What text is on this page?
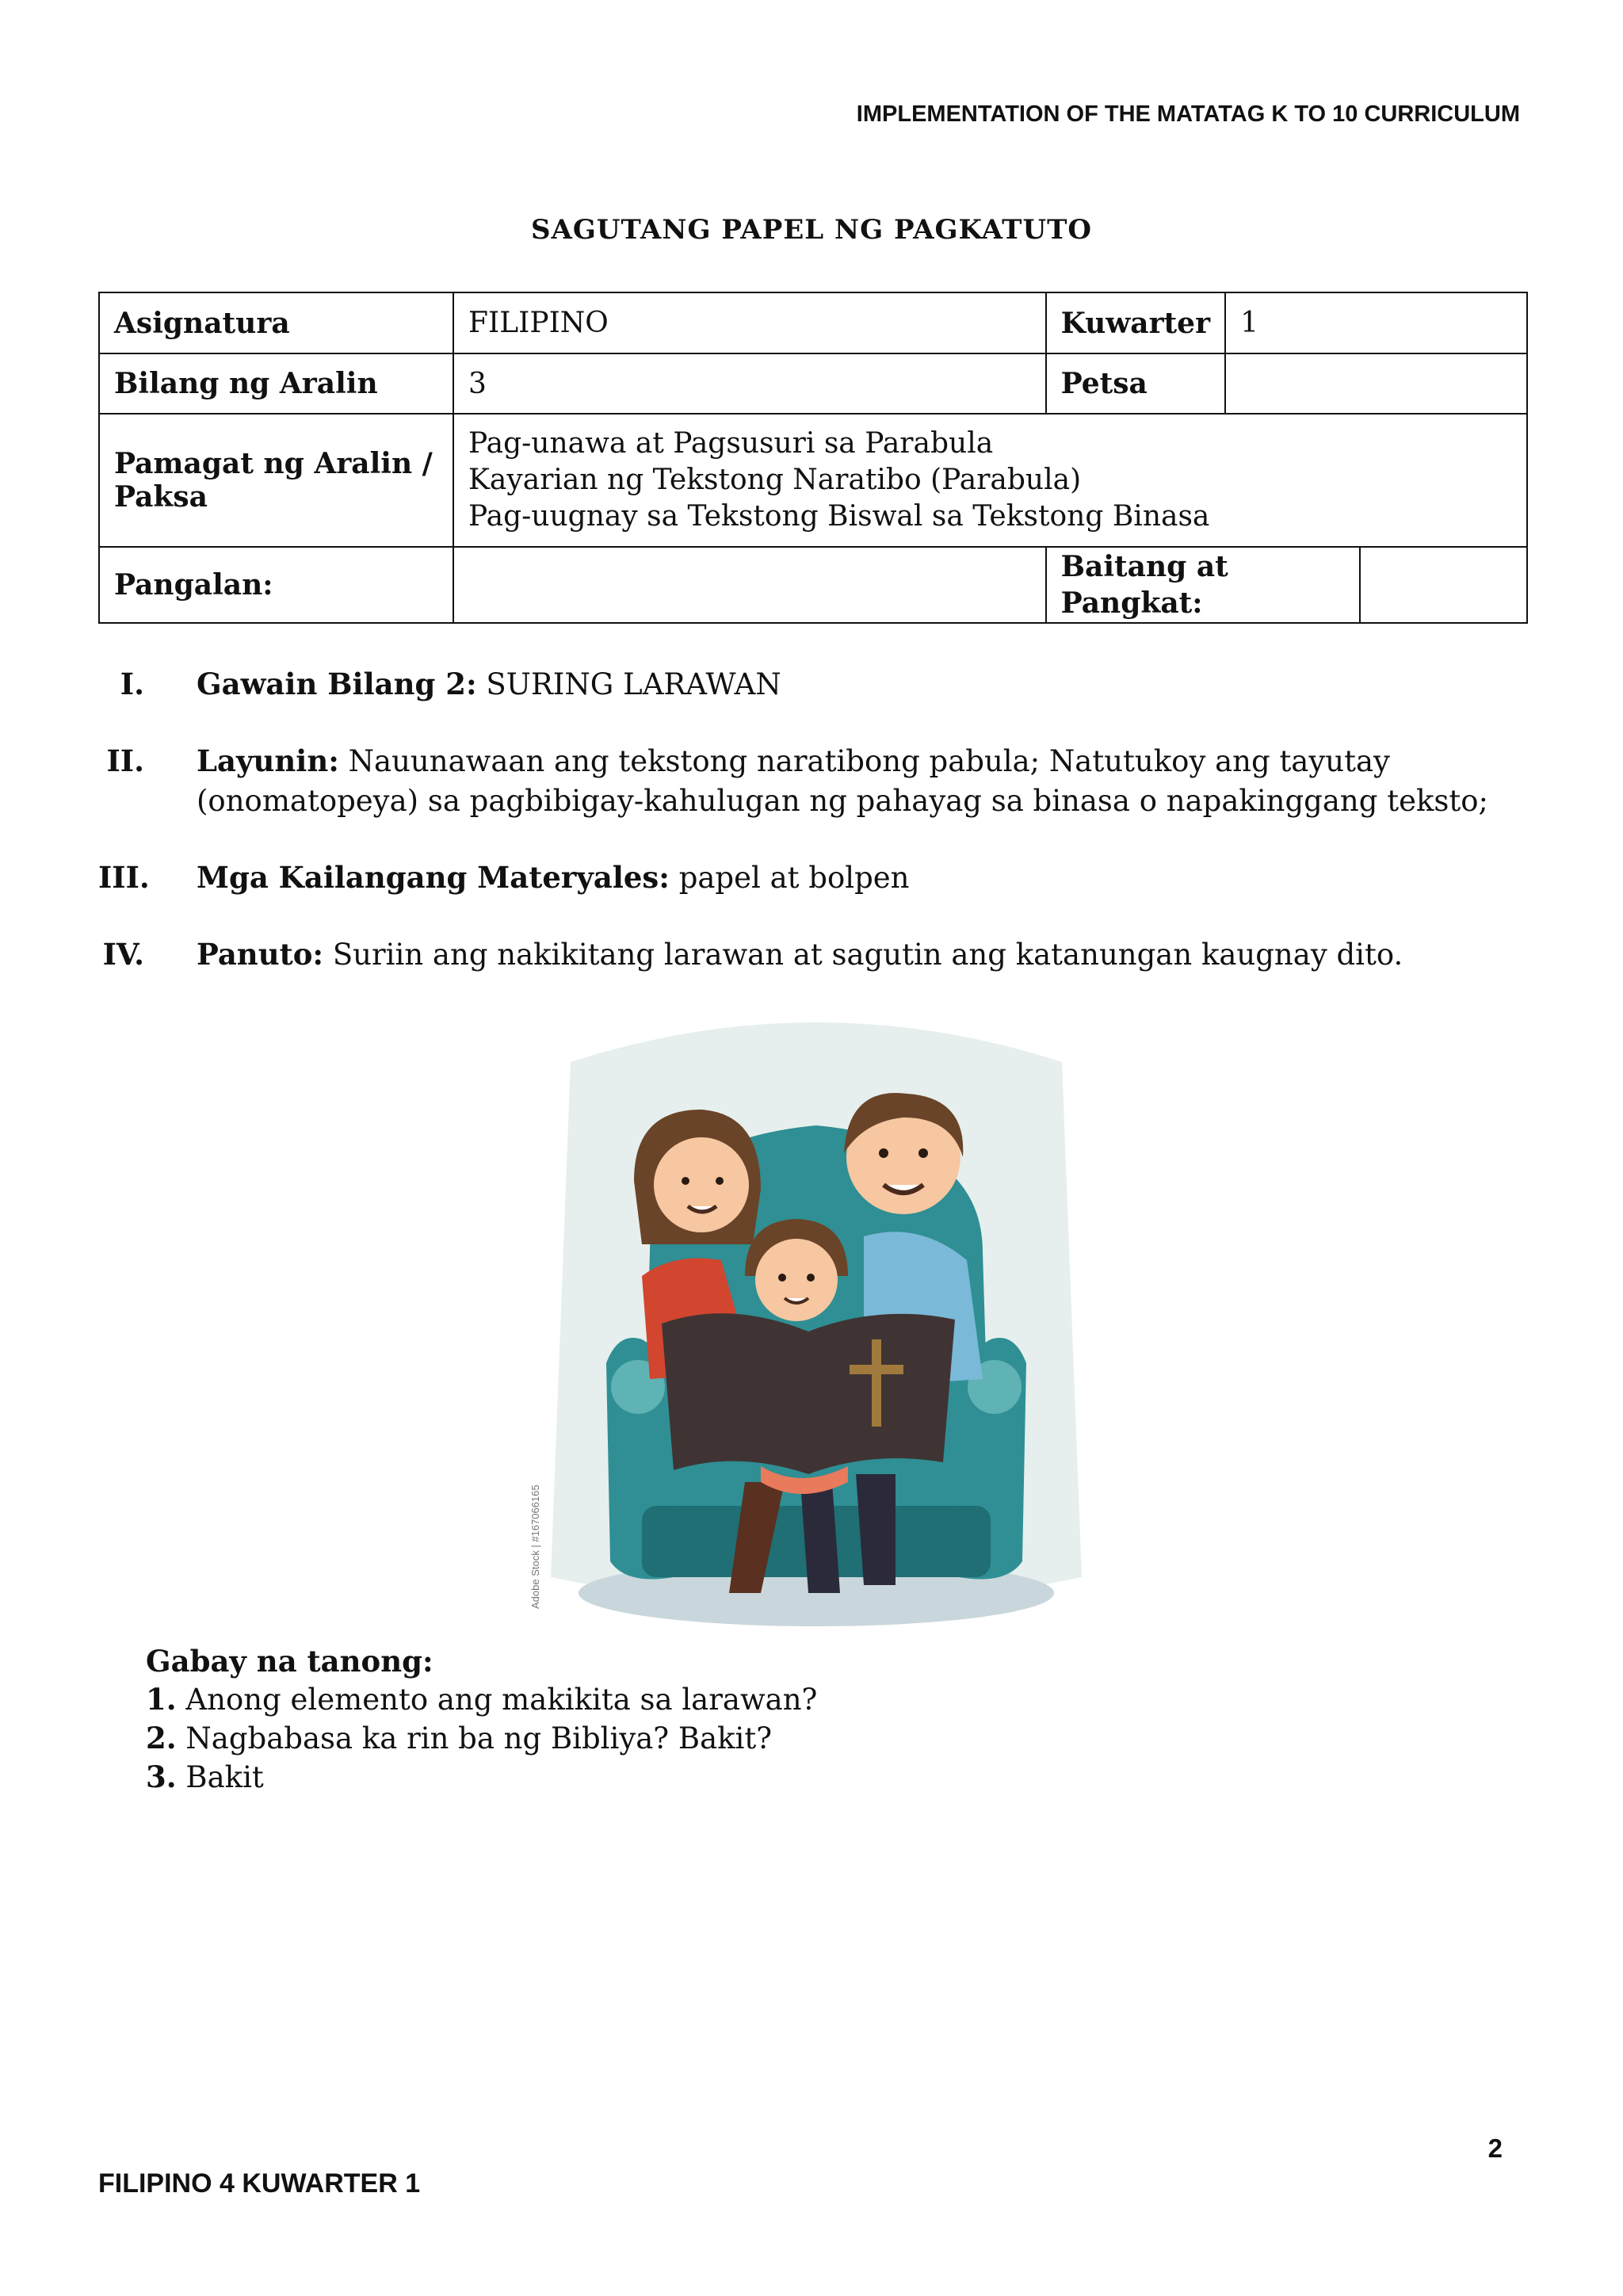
IMPLEMENTATION OF THE MATATAG K TO 10 CURRICULUM
SAGUTANG PAPEL NG PAGKATUTO
Asignatura	FILIPINO	Kuwarter	1	
Bilang ng Aralin	3	Petsa		
Pamagat ng Aralin / Paksa	Pag-unawa at Pagsusuri sa Parabula
Kayarian ng Tekstong Naratibo (Parabula)
Pag-uugnay sa Tekstong Biswal sa Tekstong Binasa			

Pangalan:		Baitang at Pangkat:		
I. Gawain Bilang 2: SURING LARAWAN
II. Layunin: Nauunawaan ang tekstong naratibong pabula; Natutukoy ang tayutay (onomatopeya) sa pagbibigay-kahulugan ng pahayag sa binasa o napakinggang teksto;
III. Mga Kailangang Materyales: papel at bolpen
IV. Panuto: Suriin ang nakikitang larawan at sagutin ang katanungan kaugnay dito.
Adobe Stock | #167066165
Gabay na tanong:
1. Anong elemento ang makikita sa larawan?
2. Nagbabasa ka rin ba ng Bibliya? Bakit?
3. Bakit
2
FILIPINO 4 KUWARTER 1
